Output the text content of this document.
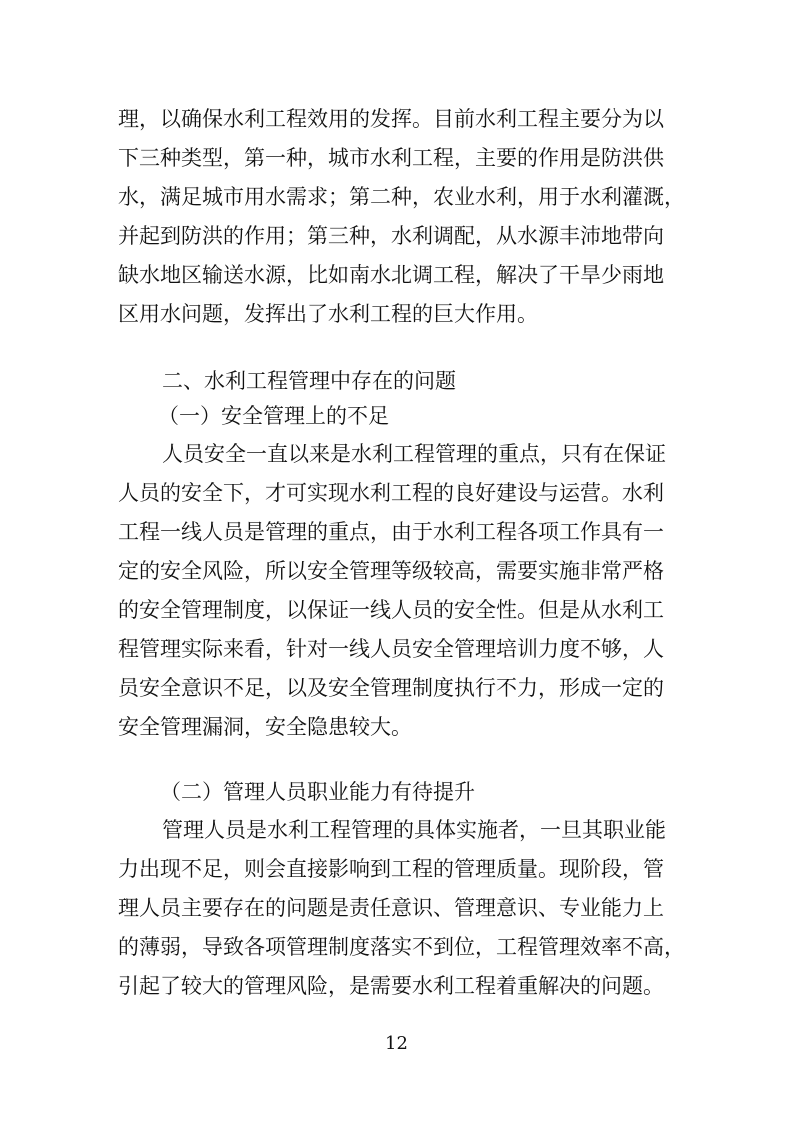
理，以确保水利工程效用的发挥。目前水利工程主要分为以

下三种类型，第一种，城市水利工程，主要的作用是防洪供

水，满足城市用水需求；第二种，农业水利，用于水利灌溉，

并起到防洪的作用；第三种，水利调配，从水源丰沛地带向

缺水地区输送水源，比如南水北调工程，解决了干旱少雨地

区用水问题，发挥出了水利工程的巨大作用。

二、水利工程管理中存在的问题

（一）安全管理上的不足

人员安全一直以来是水利工程管理的重点，只有在保证

人员的安全下，才可实现水利工程的良好建设与运营。水利

工程一线人员是管理的重点，由于水利工程各项工作具有一

定的安全风险，所以安全管理等级较高，需要实施非常严格

的安全管理制度，以保证一线人员的安全性。但是从水利工

程管理实际来看，针对一线人员安全管理培训力度不够，人

员安全意识不足，以及安全管理制度执行不力，形成一定的

安全管理漏洞，安全隐患较大。

（二）管理人员职业能力有待提升

管理人员是水利工程管理的具体实施者，一旦其职业能

力出现不足，则会直接影响到工程的管理质量。现阶段，管

理人员主要存在的问题是责任意识、管理意识、专业能力上

的薄弱，导致各项管理制度落实不到位，工程管理效率不高，

引起了较大的管理风险，是需要水利工程着重解决的问题。

12
